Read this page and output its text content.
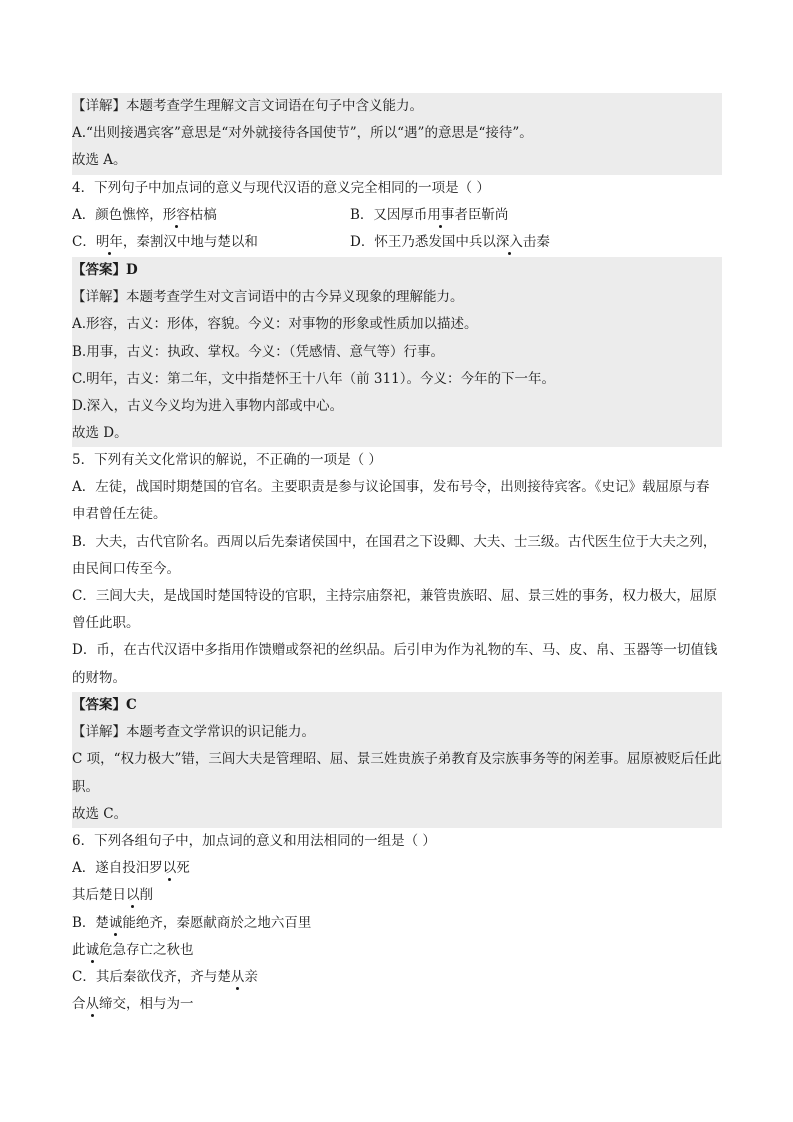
【详解】本题考查学生理解文言文词语在句子中含义能力。
A.“出则接遇宾客”意思是“对外就接待各国使节”，所以“遇”的意思是“接待”。
故选 A。
4．下列句子中加点词的意义与现代汉语的意义完全相同的一项是（ ）
A．颜色憔悴，形容枯槁	B．又因厚币用事者臣靳尚
C．明年，秦割汉中地与楚以和	D．怀王乃悉发国中兵以深入击秦
【答案】D
【详解】本题考查学生对文言词语中的古今异义现象的理解能力。
A.形容，古义：形体，容貌。今义：对事物的形象或性质加以描述。
B.用事，古义：执政、掌权。今义：（凭感情、意气等）行事。
C.明年，古义：第二年，文中指楚怀王十八年（前 311）。今义：今年的下一年。
D.深入，古义今义均为进入事物内部或中心。
故选 D。
5．下列有关文化常识的解说，不正确的一项是（ ）
A．左徒，战国时期楚国的官名。主要职责是参与议论国事，发布号令，出则接待宾客。《史记》载屈原与春申君曾任左徒。
B．大夫，古代官阶名。西周以后先秦诸侯国中，在国君之下设卿、大夫、士三级。古代医生位于大夫之列，由民间口传至今。
C．三闾大夫，是战国时楚国特设的官职，主持宗庙祭祀，兼管贵族昭、屈、景三姓的事务，权力极大，屈原曾任此职。
D．币，在古代汉语中多指用作馈赠或祭祀的丝织品。后引申为作为礼物的车、马、皮、帛、玉器等一切值钱的财物。
【答案】C
【详解】本题考查文学常识的识记能力。
C 项，“权力极大”错，三闾大夫是管理昭、屈、景三姓贵族子弟教育及宗族事务等的闲差事。屈原被贬后任此职。
故选 C。
6．下列各组句子中，加点词的意义和用法相同的一组是（ ）
A．遂自投汨罗以死
其后楚日以削
B．楚诚能绝齐，秦愿献商於之地六百里
此诚危急存亡之秋也
C．其后秦欲伐齐，齐与楚从亲
合从缔交，相与为一
